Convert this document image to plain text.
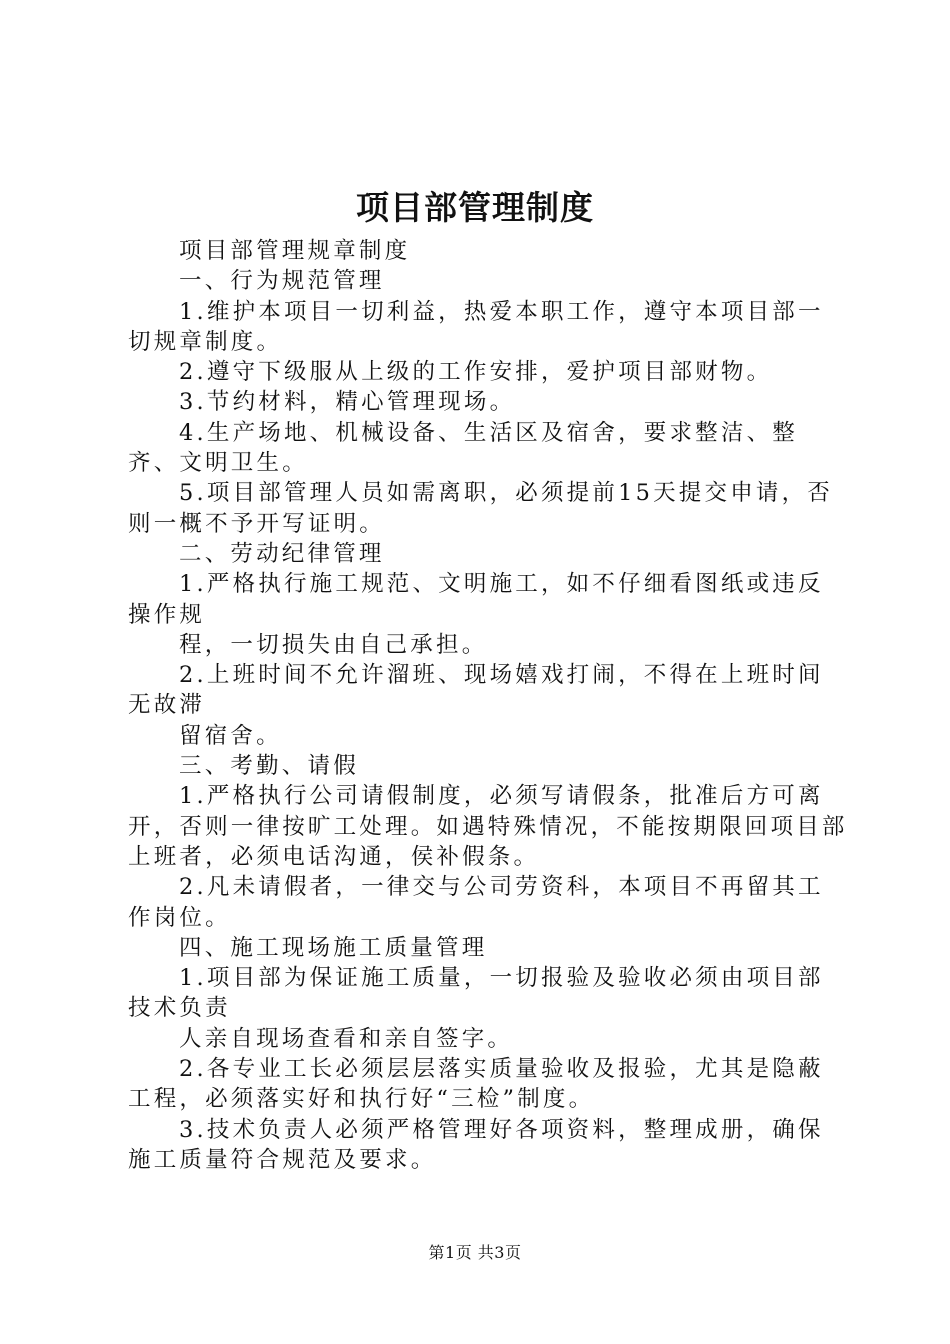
项目部管理制度

项目部管理规章制度

一、行为规范管理

1.维护本项目一切利益，热爱本职工作，遵守本项目部一切规章制度。

2.遵守下级服从上级的工作安排，爱护项目部财物。

3.节约材料，精心管理现场。

4.生产场地、机械设备、生活区及宿舍，要求整洁、整齐、文明卫生。

5.项目部管理人员如需离职，必须提前15天提交申请，否则一概不予开写证明。

二、劳动纪律管理

1.严格执行施工规范、文明施工，如不仔细看图纸或违反操作规

程，一切损失由自己承担。

2.上班时间不允许溜班、现场嬉戏打闹，不得在上班时间无故滞

留宿舍。

三、考勤、请假

1.严格执行公司请假制度，必须写请假条，批准后方可离开，否则一律按旷工处理。如遇特殊情况，不能按期限回项目部上班者，必须电话沟通，侯补假条。

2.凡未请假者，一律交与公司劳资科，本项目不再留其工作岗位。

四、施工现场施工质量管理

1.项目部为保证施工质量，一切报验及验收必须由项目部技术负责

人亲自现场查看和亲自签字。

2.各专业工长必须层层落实质量验收及报验，尤其是隐蔽工程，必须落实好和执行好“三检”制度。

3.技术负责人必须严格管理好各项资料，整理成册，确保施工质量符合规范及要求。

第1页 共3页
